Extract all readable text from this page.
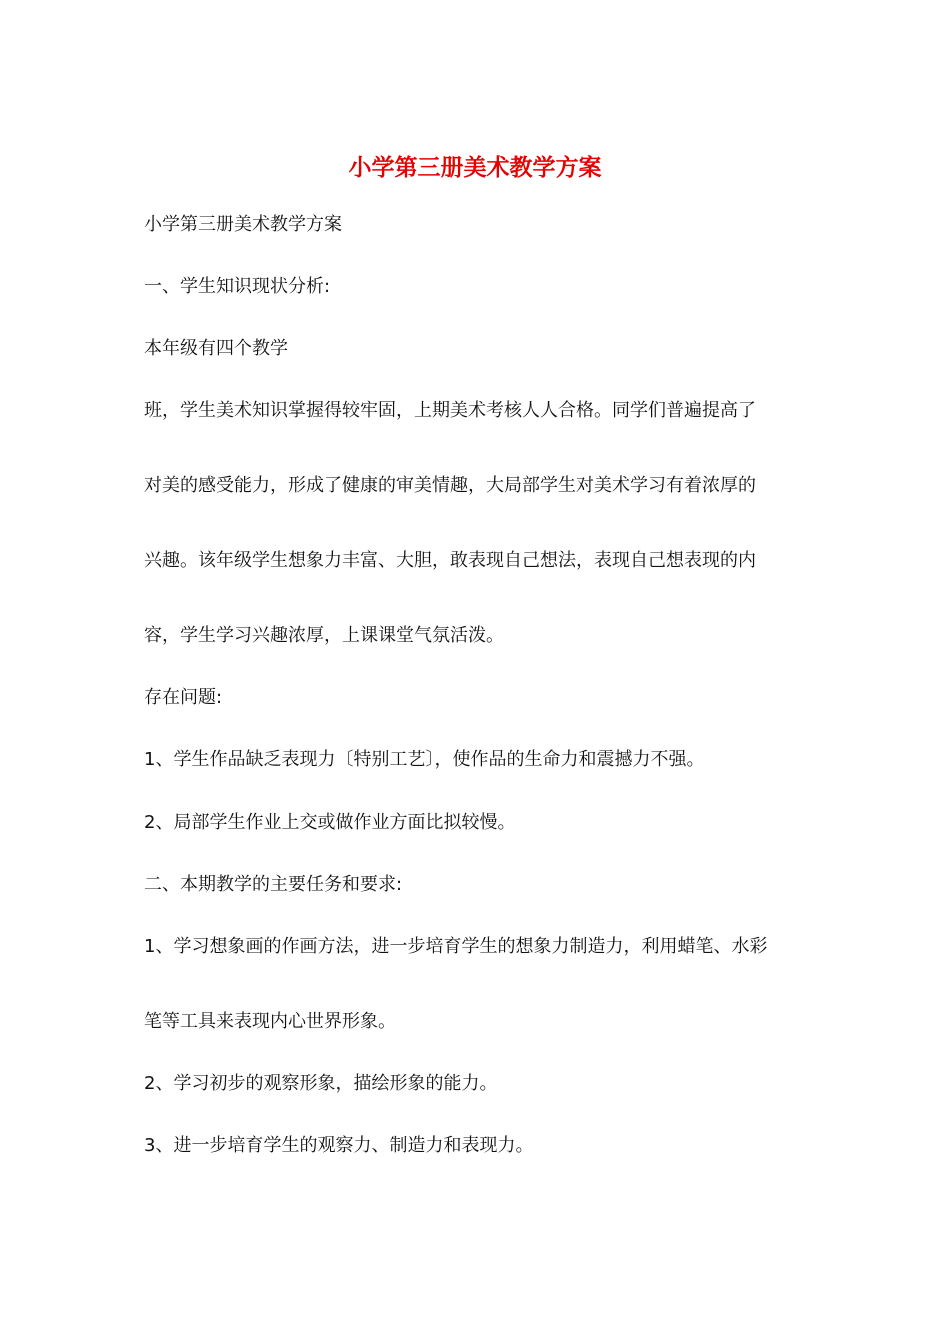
小学第三册美术教学方案
小学第三册美术教学方案
一、学生知识现状分析:
本年级有四个教学
班，学生美术知识掌握得较牢固，上期美术考核人人合格。同学们普遍提高了
对美的感受能力，形成了健康的审美情趣，大局部学生对美术学习有着浓厚的
兴趣。该年级学生想象力丰富、大胆，敢表现自己想法，表现自己想表现的内
容，学生学习兴趣浓厚，上课课堂气氛活泼。
存在问题:
1、学生作品缺乏表现力〔特别工艺〕，使作品的生命力和震撼力不强。
2、局部学生作业上交或做作业方面比拟较慢。
二、本期教学的主要任务和要求:
1、学习想象画的作画方法，进一步培育学生的想象力制造力，利用蜡笔、水彩
笔等工具来表现内心世界形象。
2、学习初步的观察形象，描绘形象的能力。
3、进一步培育学生的观察力、制造力和表现力。
